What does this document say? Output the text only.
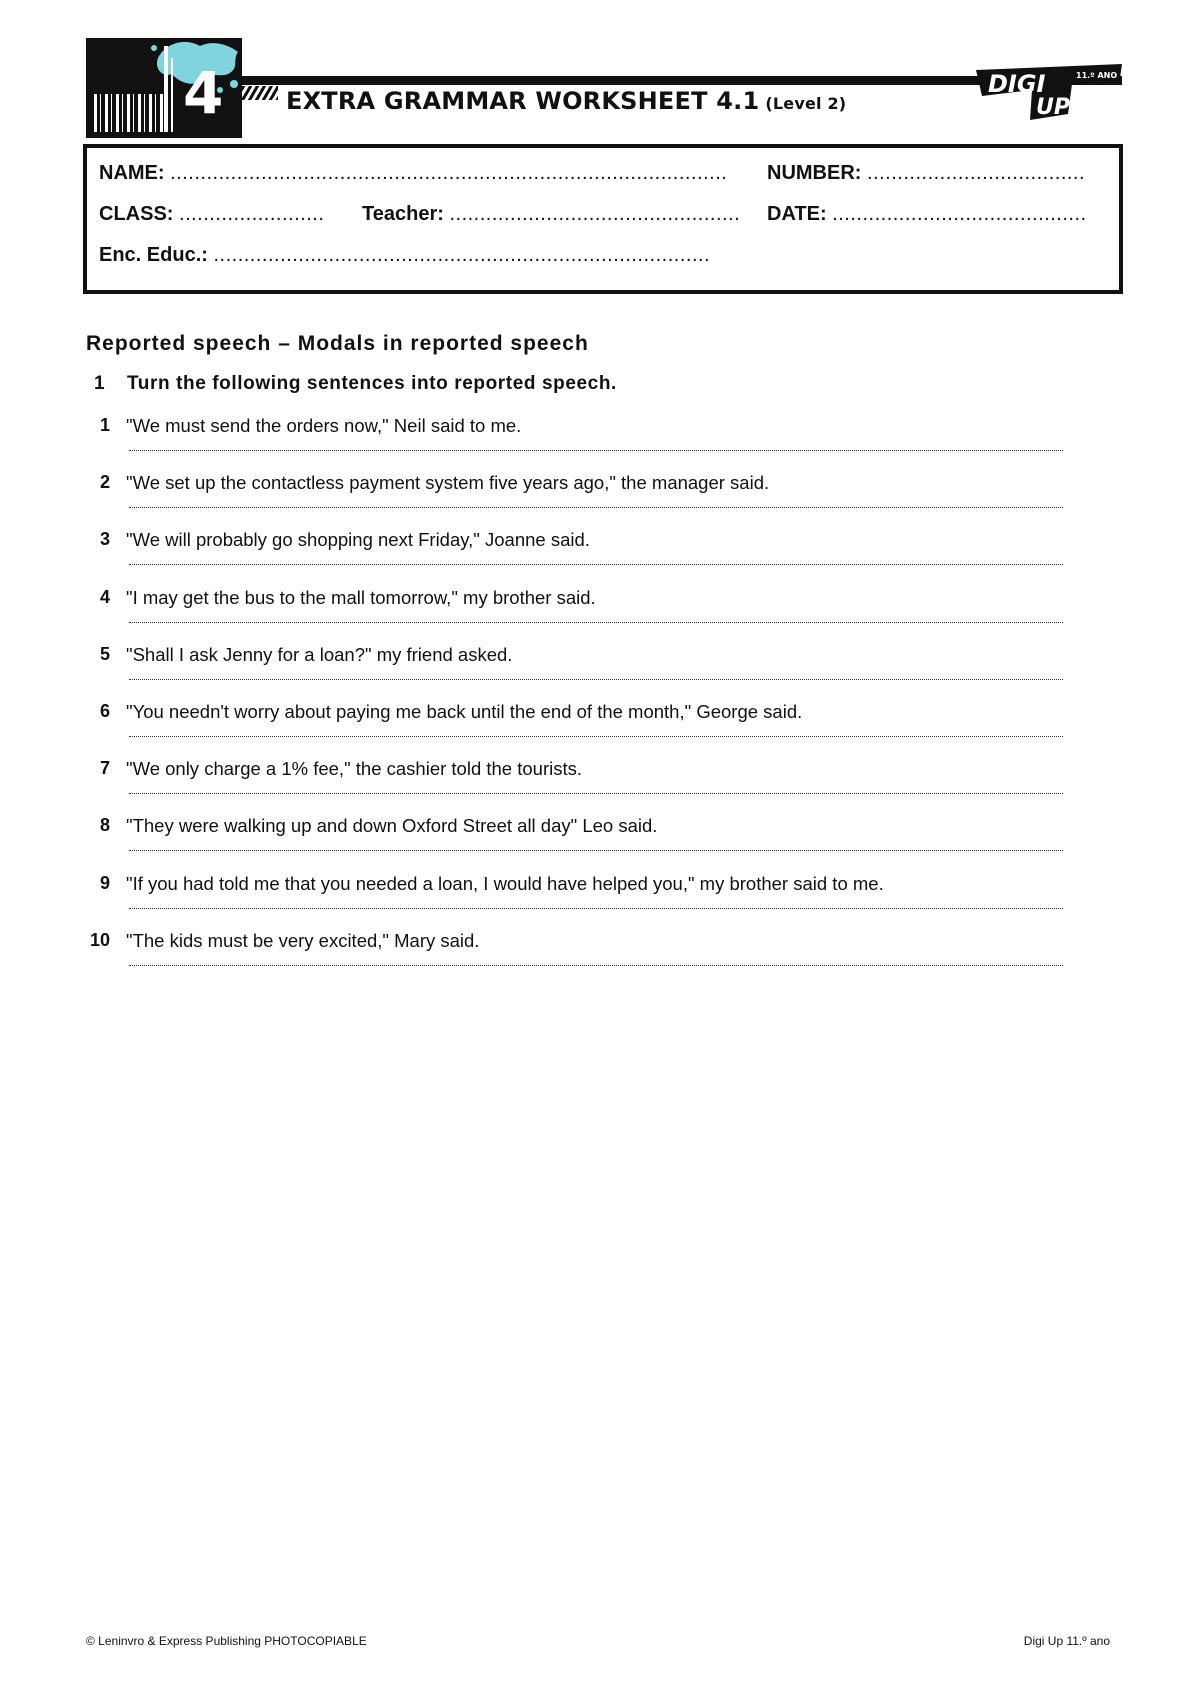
4	EXTRA GRAMMAR WORKSHEET 4.1 (Level 2)
DIGI
UP
11.º ANO
NAME: ............................................................................................ NUMBER: ....................................
CLASS: ........................ Teacher: ................................................ DATE: ..........................................
Enc. Educ.: ..................................................................................
Reported speech – Modals in reported speech
1 Turn the following sentences into reported speech.
1 "We must send the orders now," Neil said to me.
2 "We set up the contactless payment system five years ago," the manager said.
3 "We will probably go shopping next Friday," Joanne said.
4 "I may get the bus to the mall tomorrow," my brother said.
5 "Shall I ask Jenny for a loan?" my friend asked.
6 "You needn't worry about paying me back until the end of the month," George said.
7 "We only charge a 1% fee," the cashier told the tourists.
8 "They were walking up and down Oxford Street all day" Leo said.
9 "If you had told me that you needed a loan, I would have helped you," my brother said to me.
10 "The kids must be very excited," Mary said.
© Leninvro & Express Publishing PHOTOCOPIABLE	Digi Up 11.º ano
